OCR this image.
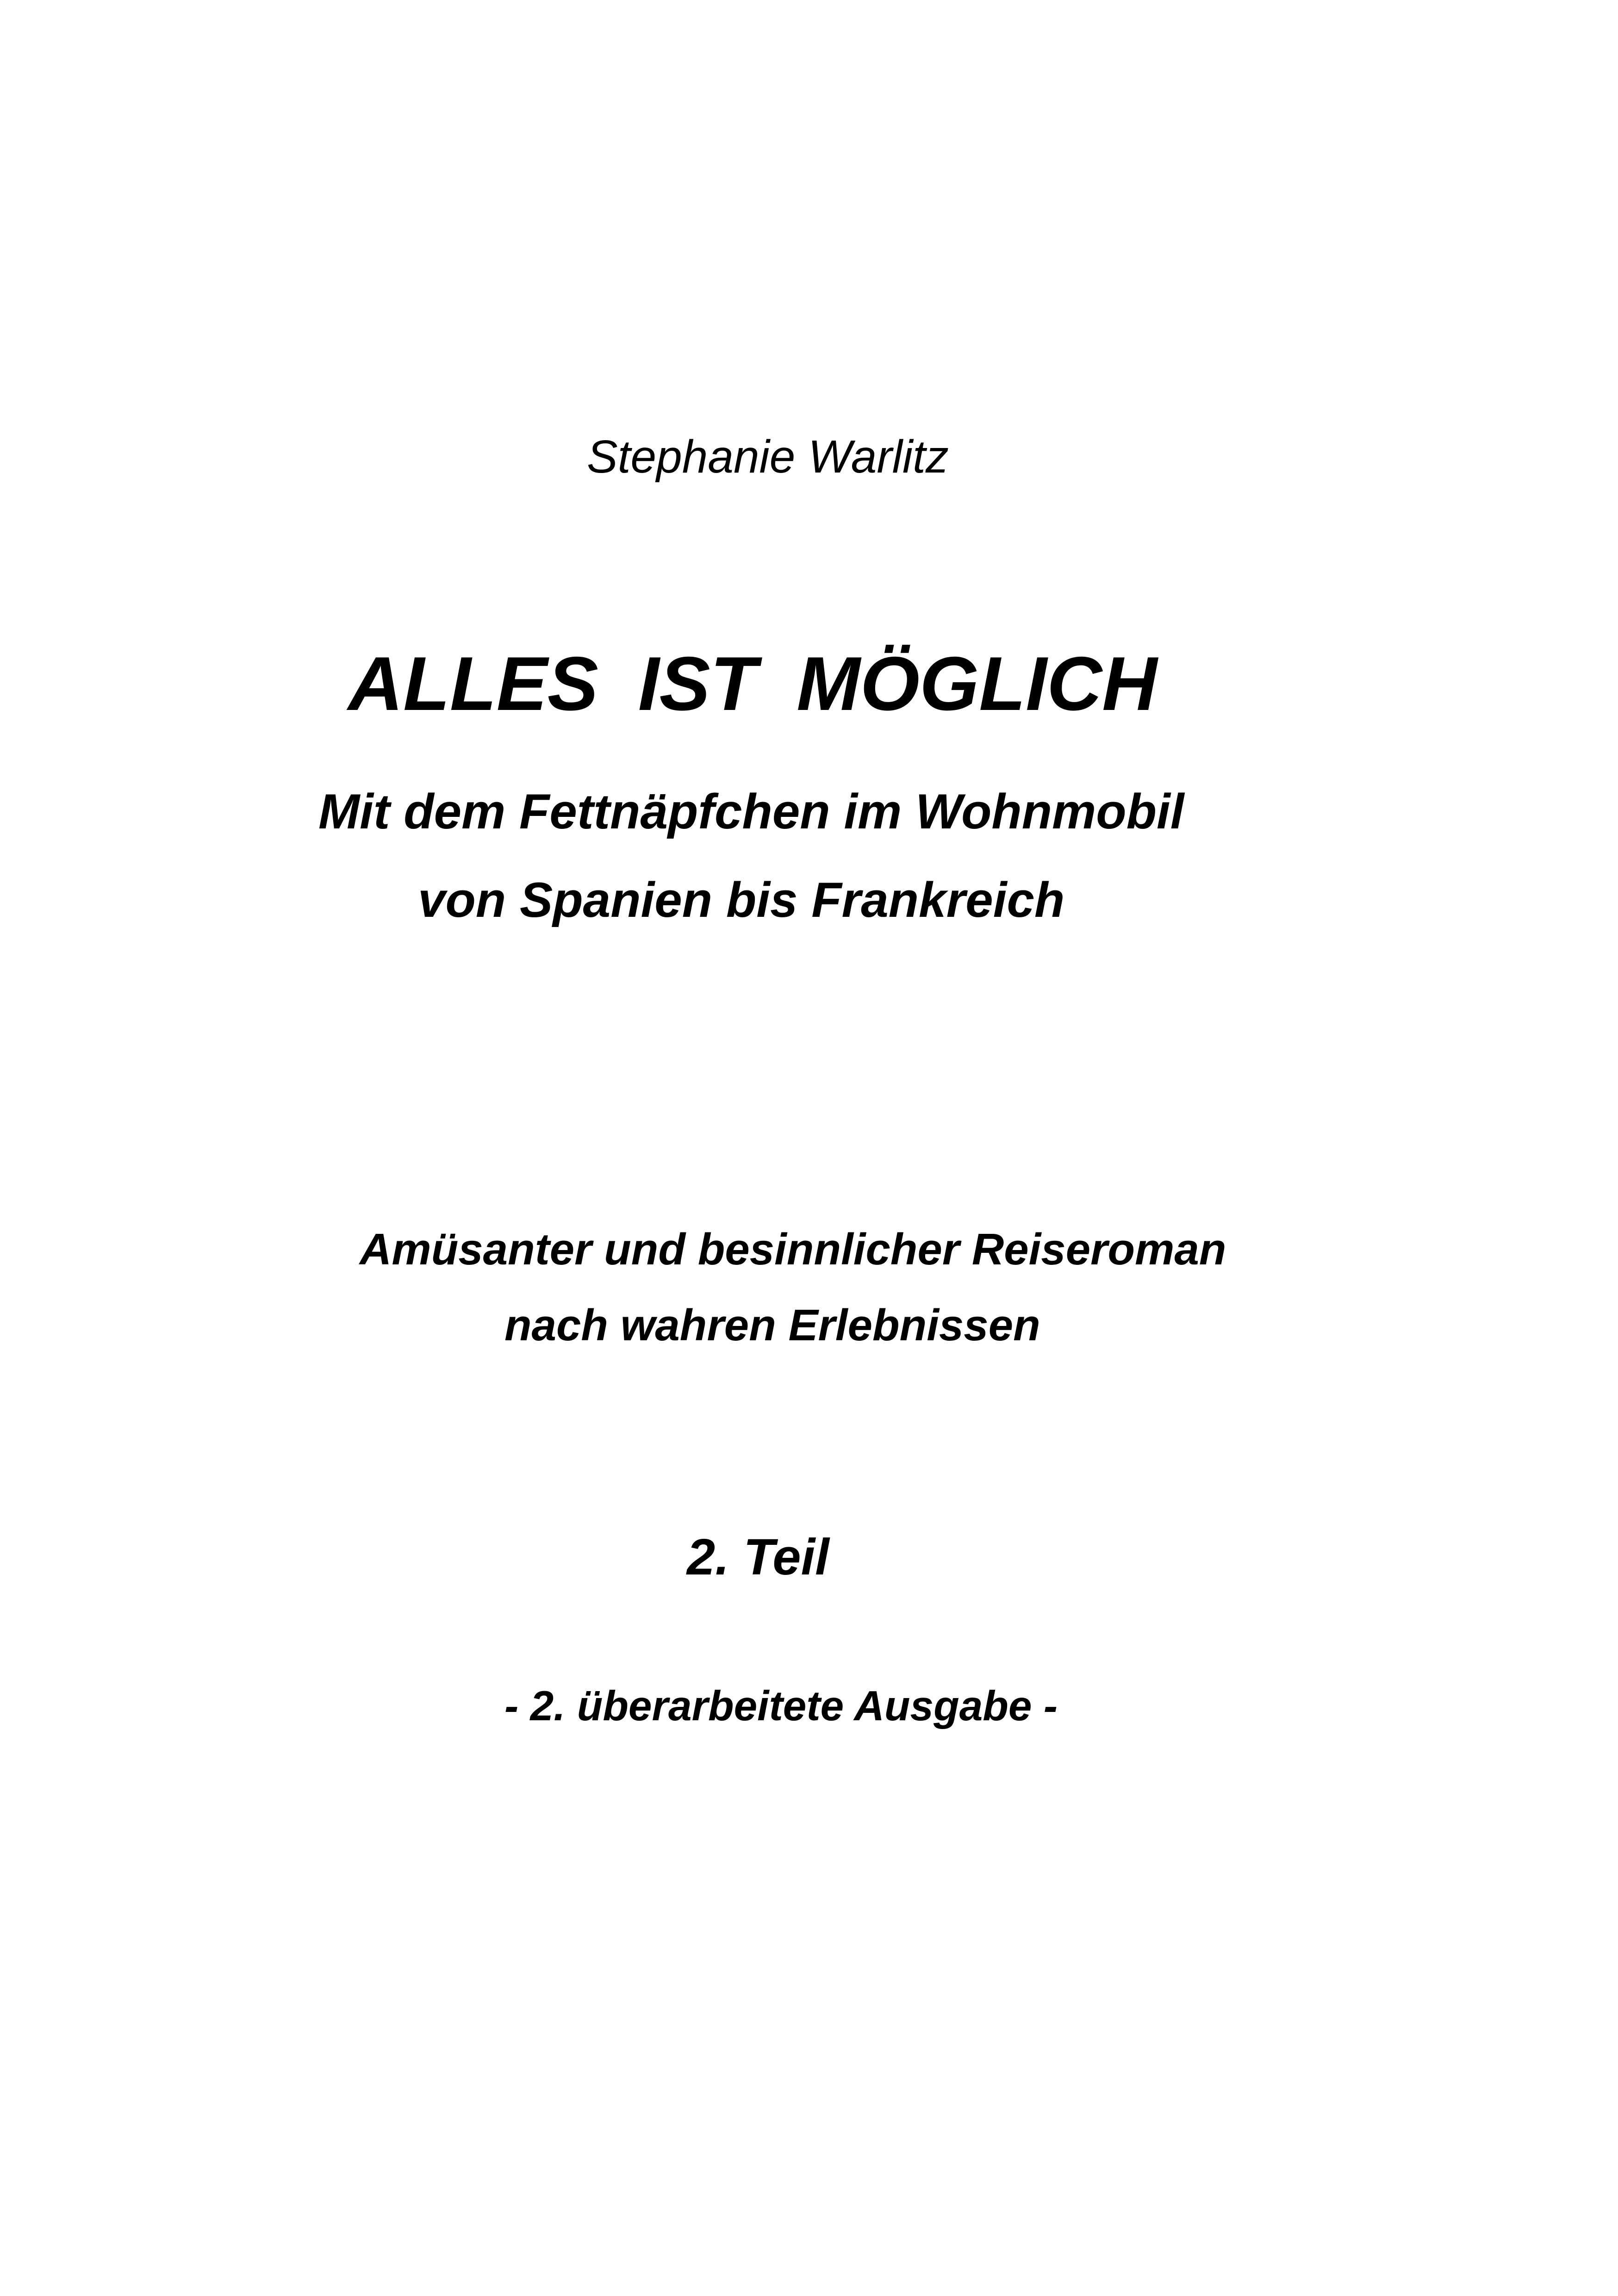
Stephanie Warlitz
ALLES IST MÖGLICH
Mit dem Fettnäpfchen im Wohnmobil
von Spanien bis Frankreich
Amüsanter und besinnlicher Reiseroman
nach wahren Erlebnissen
2. Teil
- 2. überarbeitete Ausgabe -
